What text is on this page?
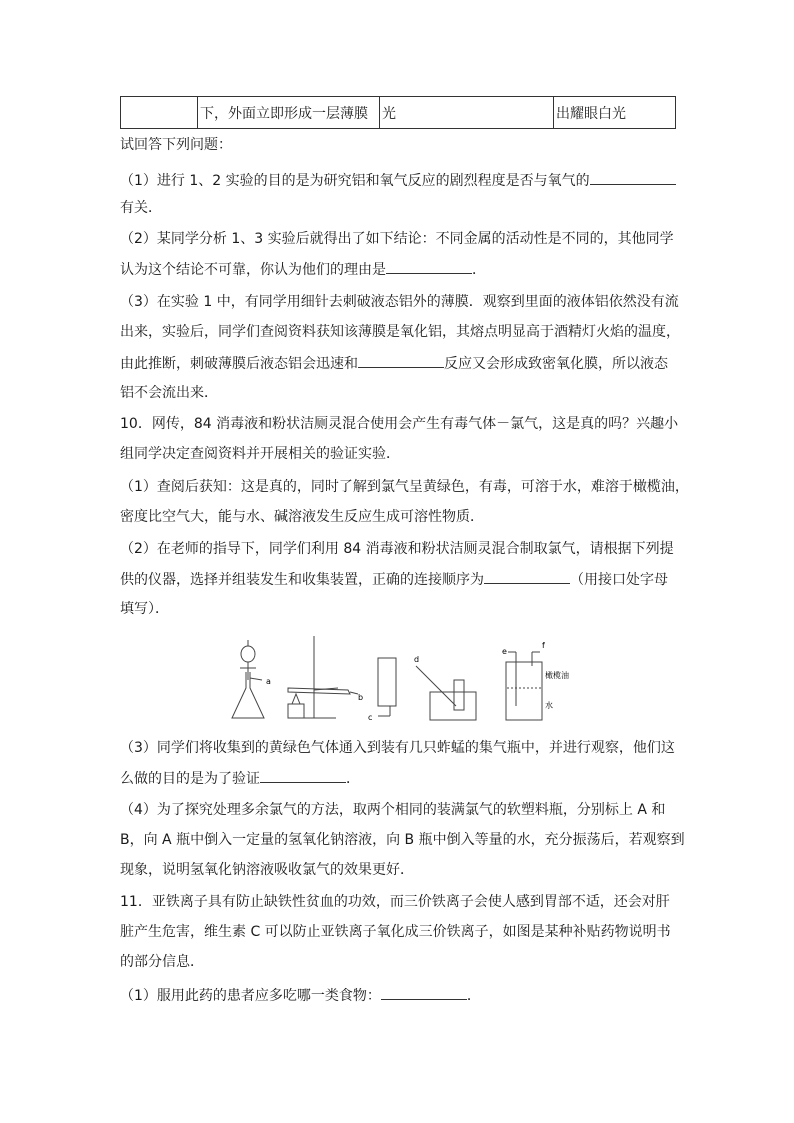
	下，外面立即形成一层薄膜	光	出耀眼白光
试回答下列问题：
（1）进行 1、2 实验的目的是为研究铝和氧气反应的剧烈程度是否与氧气的
有关．
（2）某同学分析 1、3 实验后就得出了如下结论：不同金属的活动性是不同的，其他同学
认为这个结论不可靠，你认为他们的理由是	．
（3）在实验 1 中，有同学用细针去刺破液态铝外的薄膜．观察到里面的液体铝依然没有流
出来，实验后，同学们查阅资料获知该薄膜是氧化铝，其熔点明显高于酒精灯火焰的温度，
由此推断，刺破薄膜后液态铝会迅速和	反应又会形成致密氧化膜，所以液态
铝不会流出来．
10．网传，84 消毒液和粉状洁厕灵混合使用会产生有毒气体－氯气，这是真的吗？兴趣小
组同学决定查阅资料并开展相关的验证实验．
（1）查阅后获知：这是真的，同时了解到氯气呈黄绿色，有毒，可溶于水，难溶于橄榄油，
密度比空气大，能与水、碱溶液发生反应生成可溶性物质．
（2）在老师的指导下，同学们利用 84 消毒液和粉状洁厕灵混合制取氯气，请根据下列提
供的仪器，选择并组装发生和收集装置，正确的连接顺序为	（用接口处字母
填写）．
a
b
c
d
e
f
橄榄油
水
（3）同学们将收集到的黄绿色气体通入到装有几只蚱蜢的集气瓶中，并进行观察，他们这
么做的目的是为了验证	．
（4）为了探究处理多余氯气的方法，取两个相同的装满氯气的软塑料瓶，分别标上 A 和
B，向 A 瓶中倒入一定量的氢氧化钠溶液，向 B 瓶中倒入等量的水，充分振荡后，若观察到
现象，说明氢氧化钠溶液吸收氯气的效果更好．
11．亚铁离子具有防止缺铁性贫血的功效，而三价铁离子会使人感到胃部不适，还会对肝
脏产生危害，维生素 C 可以防止亚铁离子氧化成三价铁离子，如图是某种补贴药物说明书
的部分信息．
（1）服用此药的患者应多吃哪一类食物：	．
